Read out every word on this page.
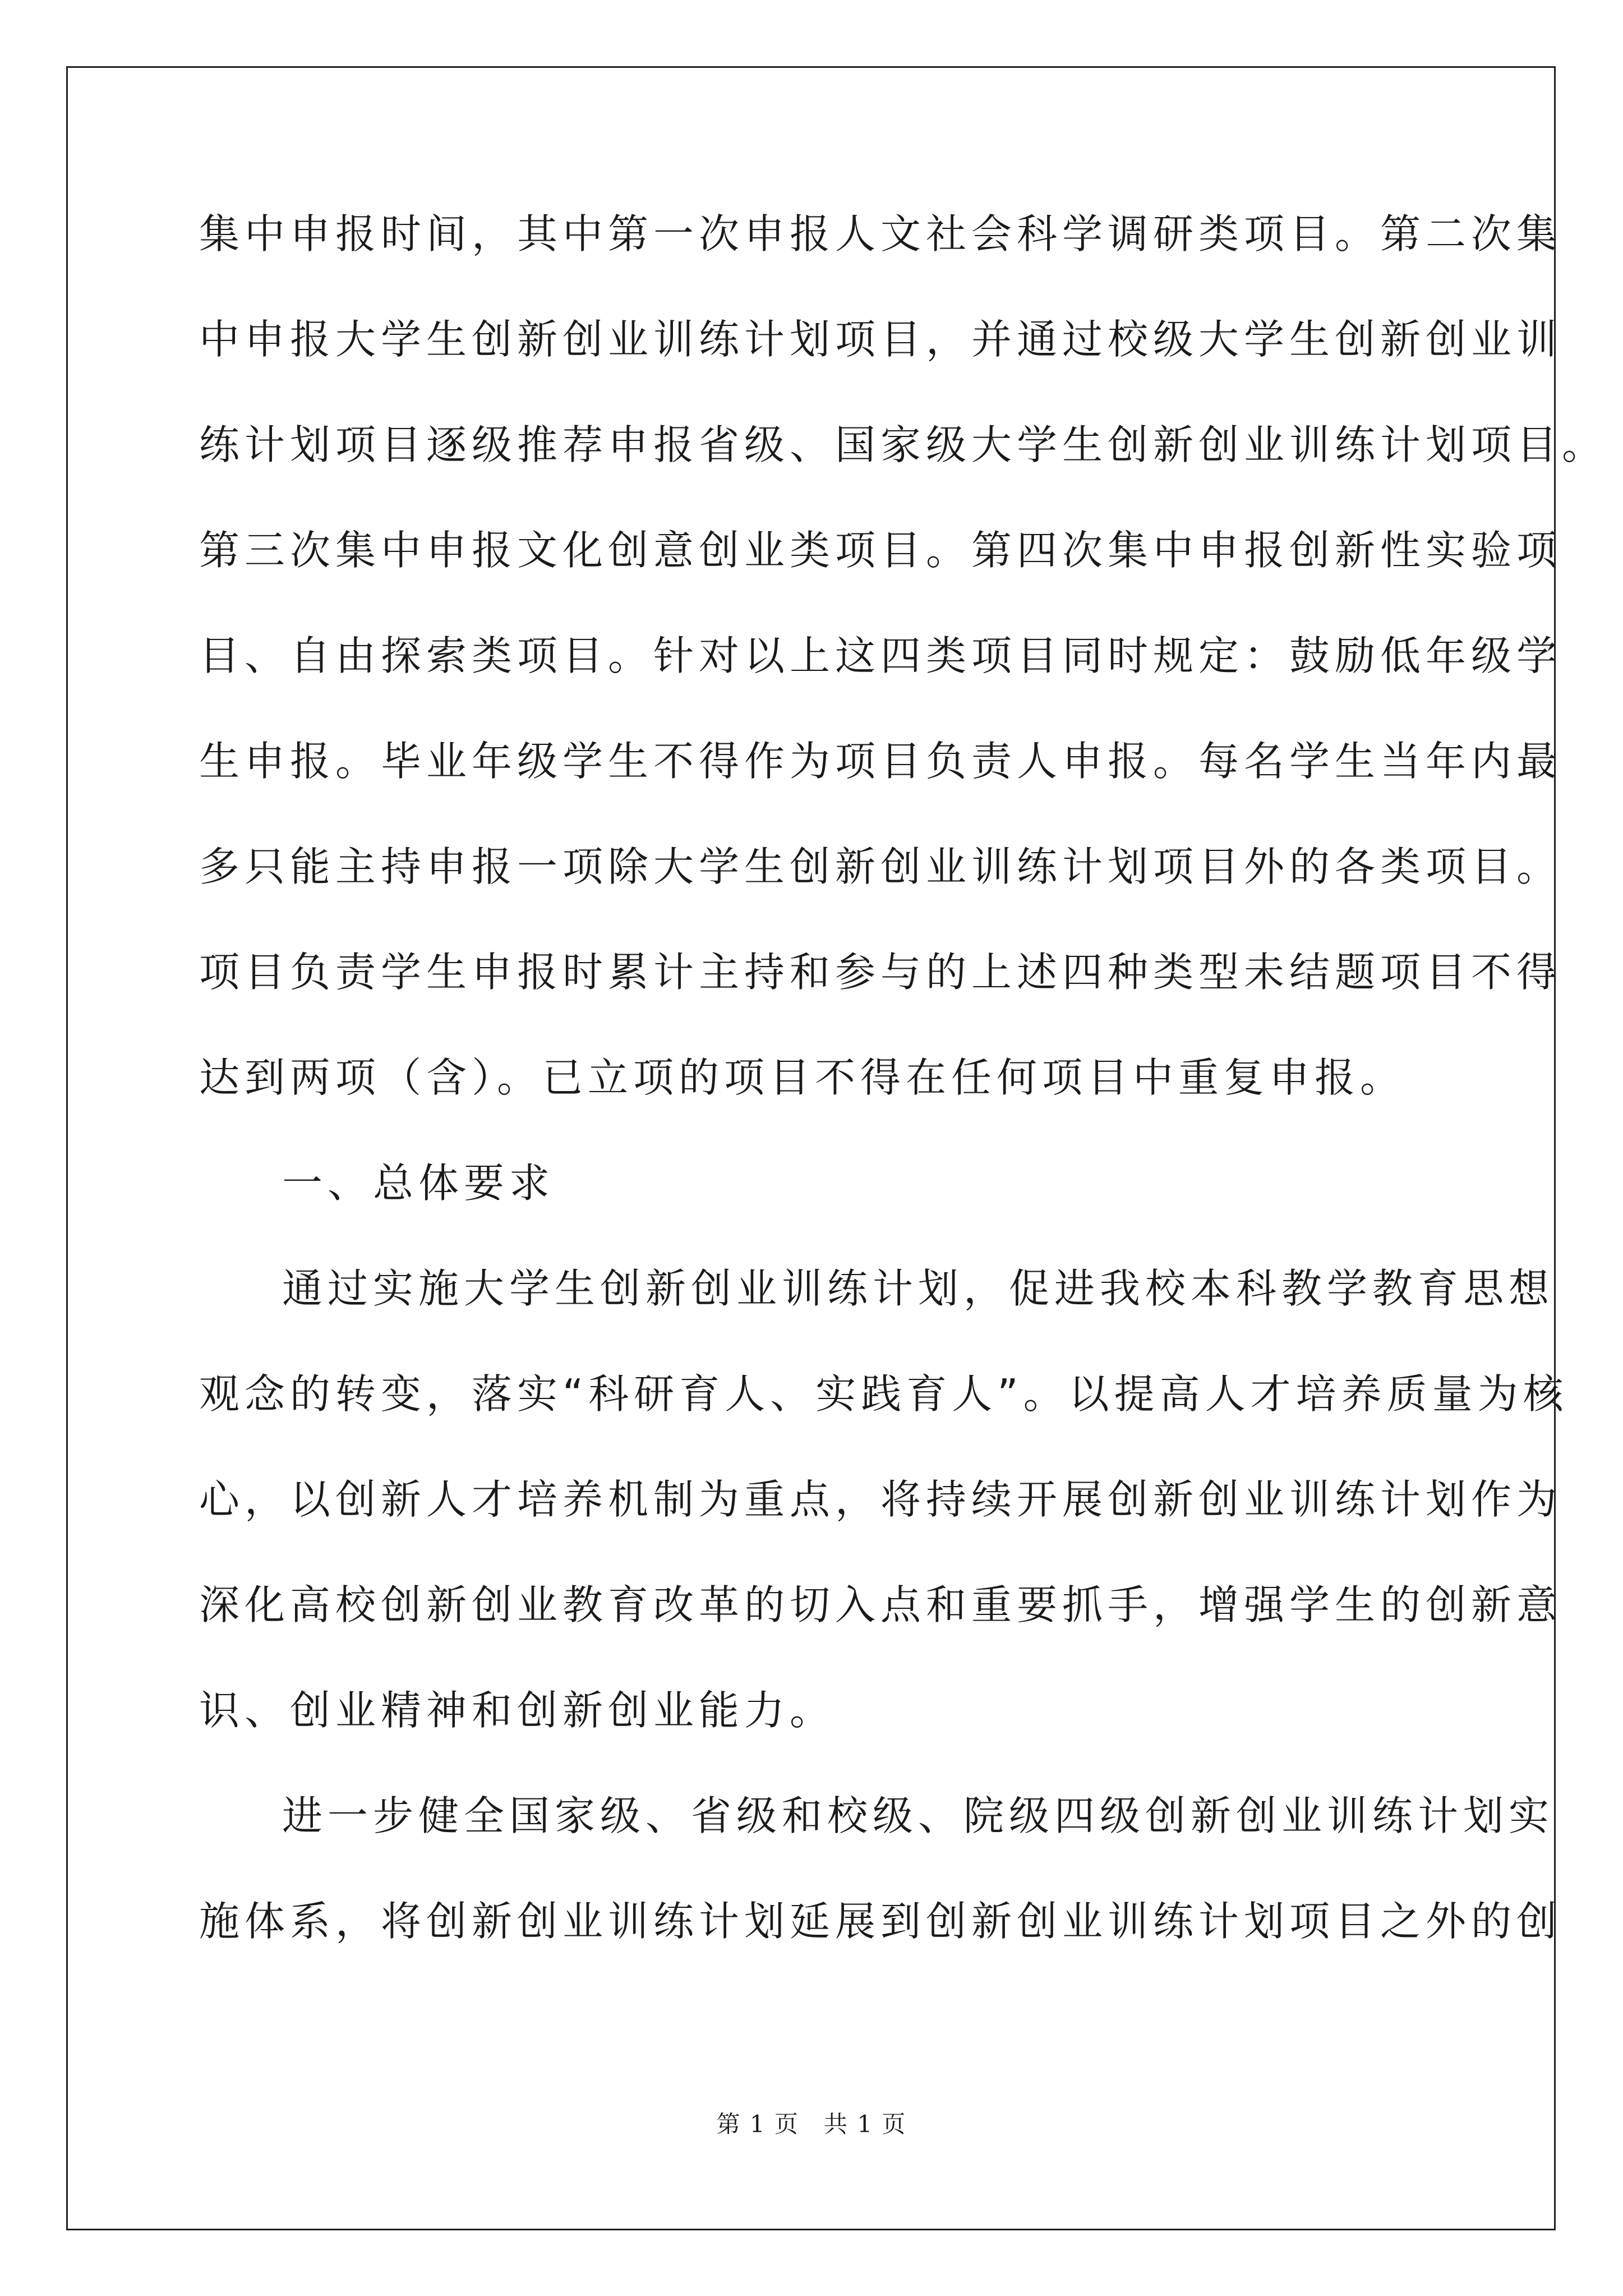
集中申报时间，其中第一次申报人文社会科学调研类项目。第二次集
中申报大学生创新创业训练计划项目，并通过校级大学生创新创业训
练计划项目逐级推荐申报省级、国家级大学生创新创业训练计划项目。
第三次集中申报文化创意创业类项目。第四次集中申报创新性实验项
目、自由探索类项目。针对以上这四类项目同时规定：鼓励低年级学
生申报。毕业年级学生不得作为项目负责人申报。每名学生当年内最
多只能主持申报一项除大学生创新创业训练计划项目外的各类项目。
项目负责学生申报时累计主持和参与的上述四种类型未结题项目不得
达到两项（含）。已立项的项目不得在任何项目中重复申报。
一、总体要求
通过实施大学生创新创业训练计划，促进我校本科教学教育思想
观念的转变，落实“科研育人、实践育人”。以提高人才培养质量为核
心，以创新人才培养机制为重点，将持续开展创新创业训练计划作为
深化高校创新创业教育改革的切入点和重要抓手，增强学生的创新意
识、创业精神和创新创业能力。
进一步健全国家级、省级和校级、院级四级创新创业训练计划实
施体系，将创新创业训练计划延展到创新创业训练计划项目之外的创
第 1 页　共 1 页
